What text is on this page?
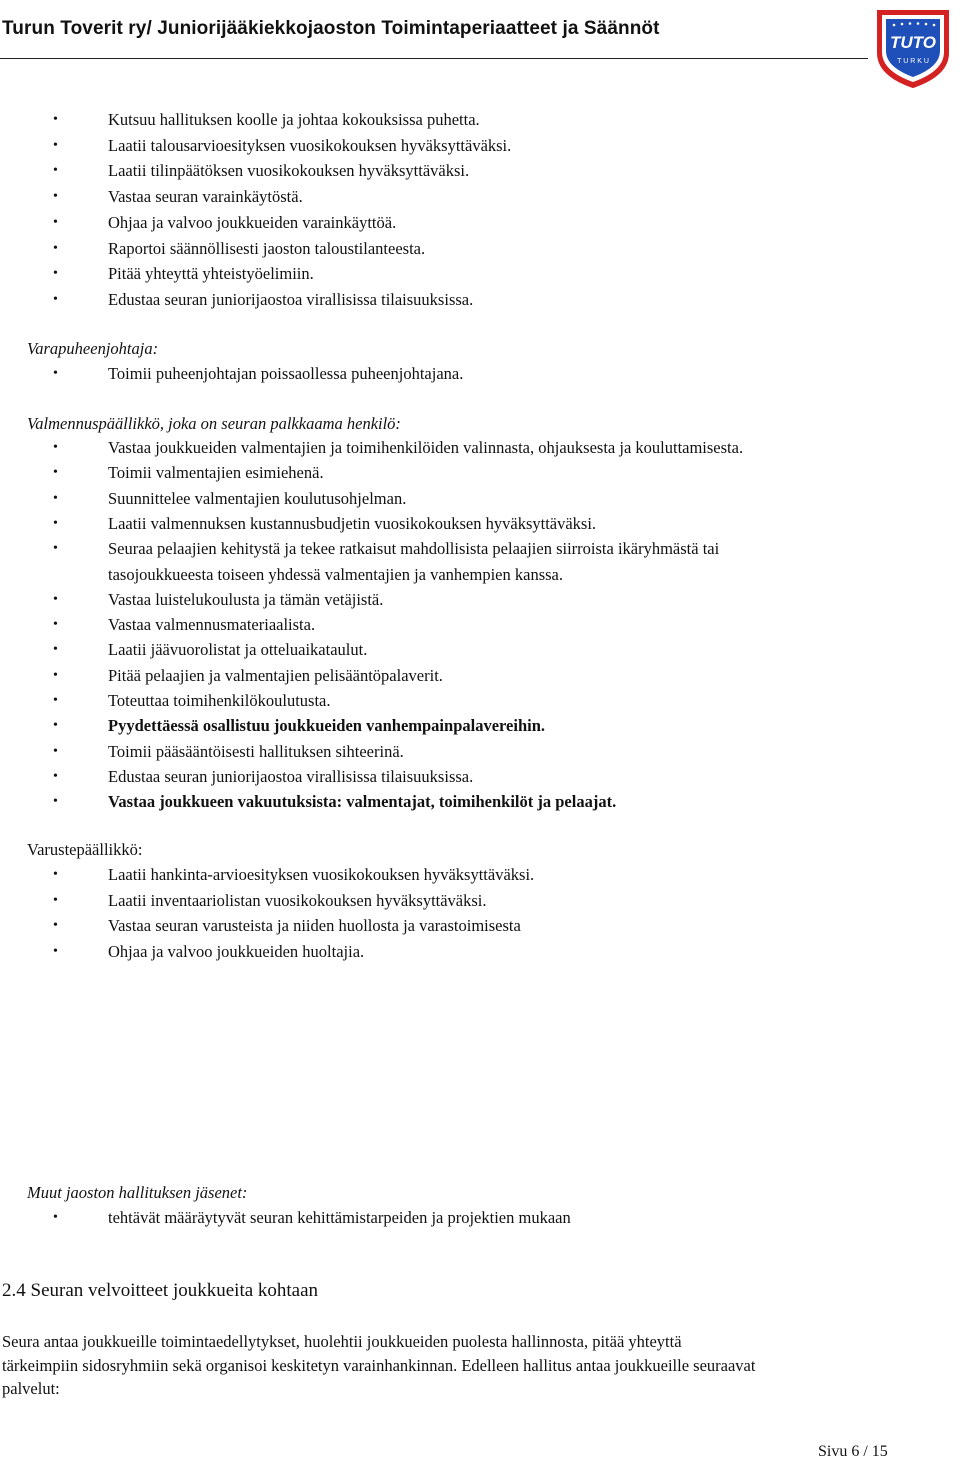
Turun Toverit ry/ Juniorijääkiekkojaoston Toimintaperiaatteet ja Säännöt
TUTO
T U R K U
•	Kutsuu hallituksen koolle ja johtaa kokouksissa puhetta.
•	Laatii talousarvioesityksen vuosikokouksen hyväksyttäväksi.
•	Laatii tilinpäätöksen vuosikokouksen hyväksyttäväksi.
•	Vastaa seuran varainkäytöstä.
•	Ohjaa ja valvoo joukkueiden varainkäyttöä.
•	Raportoi säännöllisesti jaoston taloustilanteesta.
•	Pitää yhteyttä yhteistyöelimiin.
•	Edustaa seuran juniorijaostoa virallisissa tilaisuuksissa.
Varapuheenjohtaja:
•	Toimii puheenjohtajan poissaollessa puheenjohtajana.
Valmennuspäällikkö, joka on seuran palkkaama henkilö:
•	Vastaa joukkueiden valmentajien ja toimihenkilöiden valinnasta, ohjauksesta ja kouluttamisesta.
•	Toimii valmentajien esimiehenä.
•	Suunnittelee valmentajien koulutusohjelman.
•	Laatii valmennuksen kustannusbudjetin vuosikokouksen hyväksyttäväksi.
•	Seuraa pelaajien kehitystä ja tekee ratkaisut mahdollisista pelaajien siirroista ikäryhmästä tai
tasojoukkueesta toiseen yhdessä valmentajien ja vanhempien kanssa.
•	Vastaa luistelukoulusta ja tämän vetäjistä.
•	Vastaa valmennusmateriaalista.
•	Laatii jäävuorolistat ja otteluaikataulut.
•	Pitää pelaajien ja valmentajien pelisääntöpalaverit.
•	Toteuttaa toimihenkilökoulutusta.
•	Pyydettäessä osallistuu joukkueiden vanhempainpalavereihin.
•	Toimii pääsääntöisesti hallituksen sihteerinä.
•	Edustaa seuran juniorijaostoa virallisissa tilaisuuksissa.
•	Vastaa joukkueen vakuutuksista: valmentajat, toimihenkilöt ja pelaajat.
Varustepäällikkö:
•	Laatii hankinta-arvioesityksen vuosikokouksen hyväksyttäväksi.
•	Laatii inventaariolistan vuosikokouksen hyväksyttäväksi.
•	Vastaa seuran varusteista ja niiden huollosta ja varastoimisesta
•	Ohjaa ja valvoo joukkueiden huoltajia.
Muut jaoston hallituksen jäsenet:
•	tehtävät määräytyvät seuran kehittämistarpeiden ja projektien mukaan
2.4 Seuran velvoitteet joukkueita kohtaan
Seura antaa joukkueille toimintaedellytykset, huolehtii joukkueiden puolesta hallinnosta, pitää yhteyttä
tärkeimpiin sidosryhmiin sekä organisoi keskitetyn varainhankinnan. Edelleen hallitus antaa joukkueille seuraavat
palvelut:
Sivu 6 / 15
